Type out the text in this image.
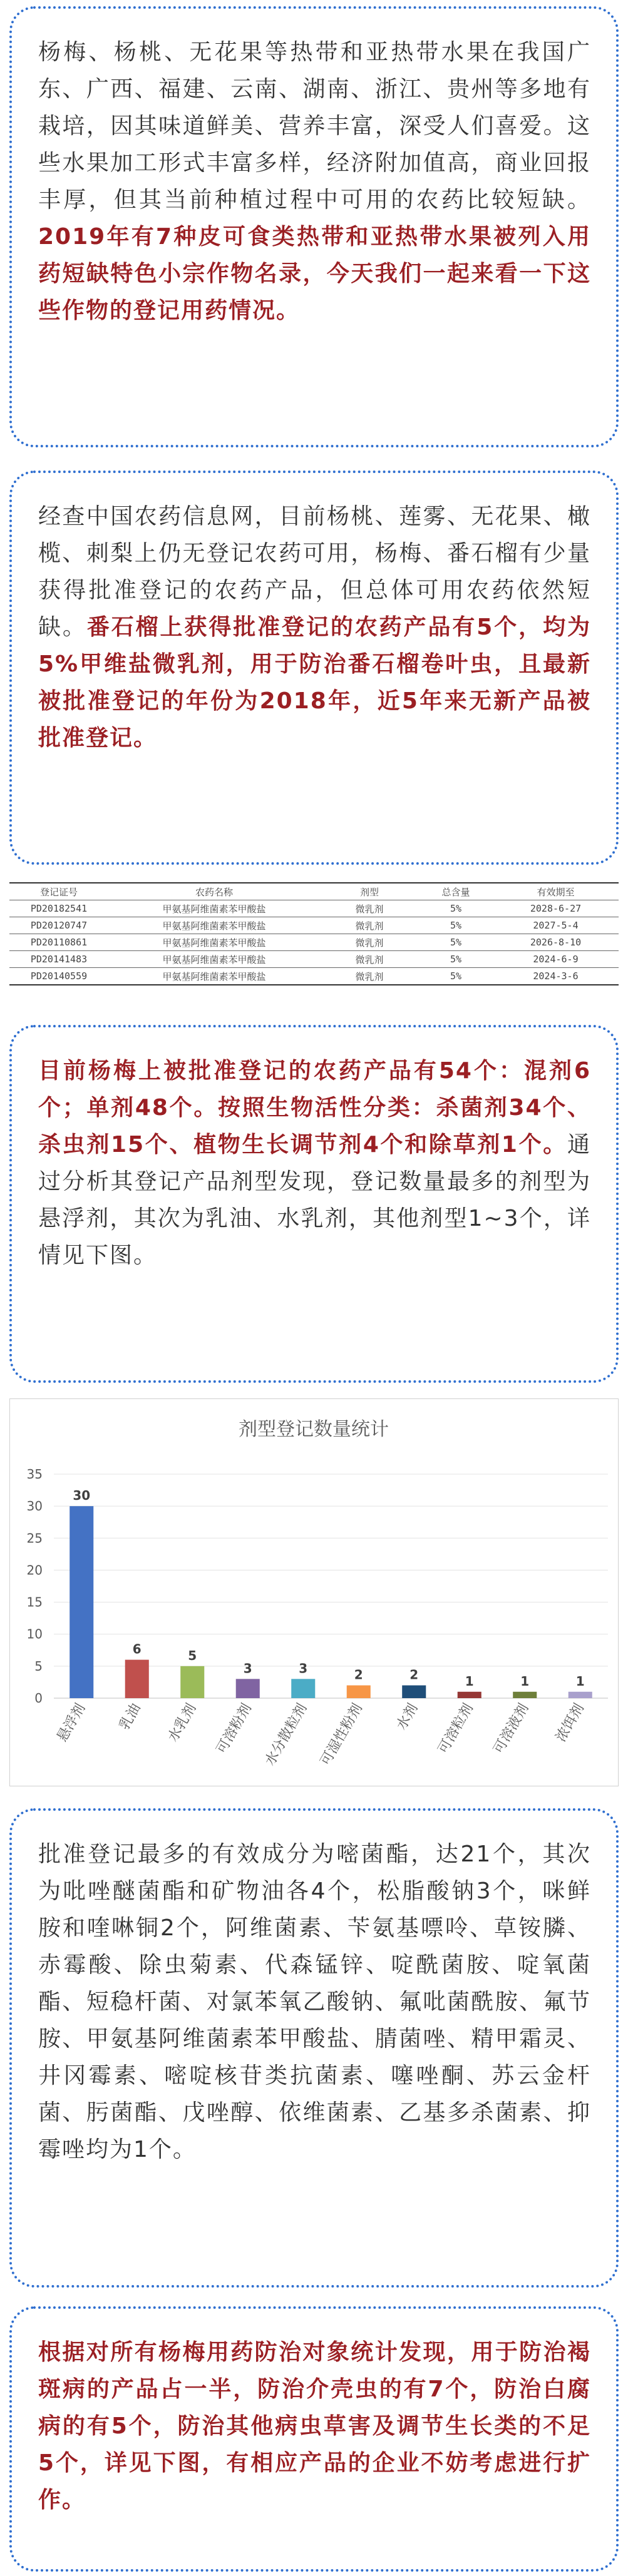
杨梅、杨桃、无花果等热带和亚热带水果在我国广东、广西、福建、云南、湖南、浙江、贵州等多地有栽培，因其味道鲜美、营养丰富，深受人们喜爱。这些水果加工形式丰富多样，经济附加值高，商业回报丰厚，但其当前种植过程中可用的农药比较短缺。2019年有7种皮可食类热带和亚热带水果被列入用药短缺特色小宗作物名录，今天我们一起来看一下这些作物的登记用药情况。

经查中国农药信息网，目前杨桃、莲雾、无花果、橄榄、刺梨上仍无登记农药可用，杨梅、番石榴有少量获得批准登记的农药产品，但总体可用农药依然短缺。番石榴上获得批准登记的农药产品有5个，均为5%甲维盐微乳剂，用于防治番石榴卷叶虫，且最新被批准登记的年份为2018年，近5年来无新产品被批准登记。

登记证号	农药名称	剂型	总含量	有效期至
PD20182541	甲氨基阿维菌素苯甲酸盐	微乳剂	5%	2028-6-27
PD20120747	甲氨基阿维菌素苯甲酸盐	微乳剂	5%	2027-5-4
PD20110861	甲氨基阿维菌素苯甲酸盐	微乳剂	5%	2026-8-10
PD20141483	甲氨基阿维菌素苯甲酸盐	微乳剂	5%	2024-6-9
PD20140559	甲氨基阿维菌素苯甲酸盐	微乳剂	5%	2024-3-6

目前杨梅上被批准登记的农药产品有54个：混剂6个；单剂48个。按照生物活性分类：杀菌剂34个、杀虫剂15个、植物生长调节剂4个和除草剂1个。通过分析其登记产品剂型发现，登记数量最多的剂型为悬浮剂，其次为乳油、水乳剂，其他剂型1~3个，详情见下图。

剂型登记数量统计
0
5
10
15
20
25
30
35
30
悬浮剂
6
乳油
5
水乳剂
3
可溶粉剂
3
水分散粒剂
2
可湿性粉剂
2
水剂
1
可溶粒剂
1
可溶液剂
1
浓饵剂

批准登记最多的有效成分为嘧菌酯，达21个，其次为吡唑醚菌酯和矿物油各4个，松脂酸钠3个，咪鲜胺和喹啉铜2个，阿维菌素、苄氨基嘌呤、草铵膦、赤霉酸、除虫菊素、代森锰锌、啶酰菌胺、啶氧菌酯、短稳杆菌、对氯苯氧乙酸钠、氟吡菌酰胺、氟节胺、甲氨基阿维菌素苯甲酸盐、腈菌唑、精甲霜灵、井冈霉素、嘧啶核苷类抗菌素、噻唑酮、苏云金杆菌、肟菌酯、戊唑醇、依维菌素、乙基多杀菌素、抑霉唑均为1个。

根据对所有杨梅用药防治对象统计发现，用于防治褐斑病的产品占一半，防治介壳虫的有7个，防治白腐病的有5个，防治其他病虫草害及调节生长类的不足5个，详见下图，有相应产品的企业不妨考虑进行扩作。
